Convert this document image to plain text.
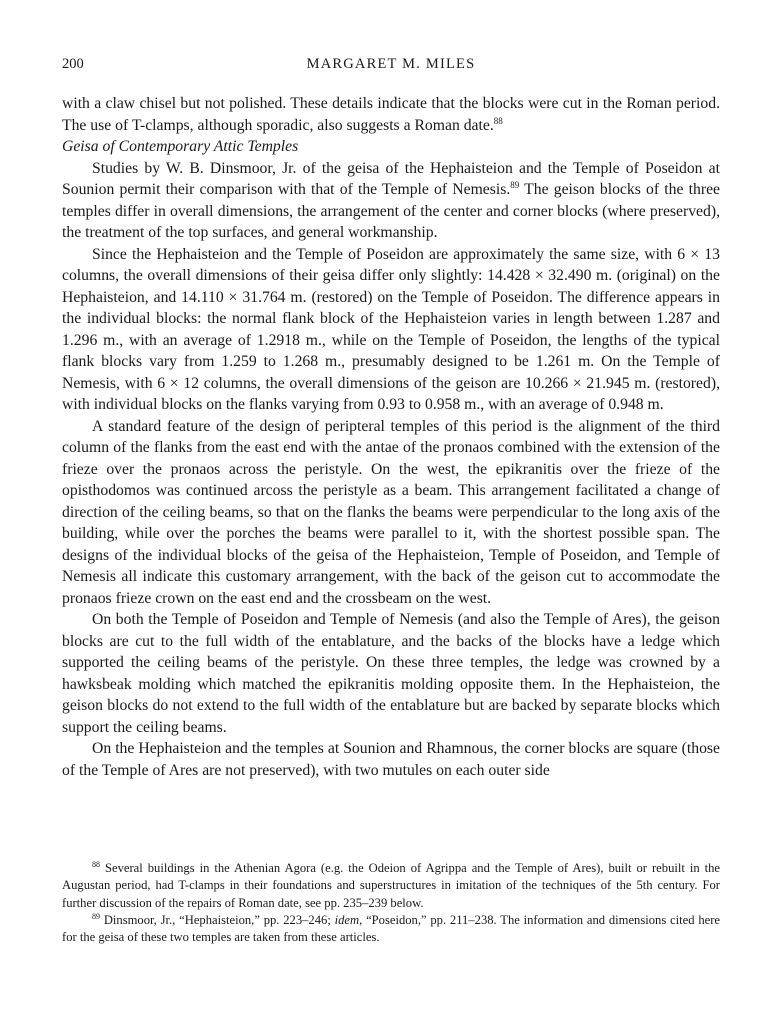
200	MARGARET M. MILES

with a claw chisel but not polished. These details indicate that the blocks were cut in the Roman period. The use of T-clamps, although sporadic, also suggests a Roman date.$^{88}$

Geisa of Contemporary Attic Temples

Studies by W. B. Dinsmoor, Jr. of the geisa of the Hephaisteion and the Temple of Poseidon at Sounion permit their comparison with that of the Temple of Nemesis.$^{89}$ The geison blocks of the three temples differ in overall dimensions, the arrangement of the center and corner blocks (where preserved), the treatment of the top surfaces, and general workmanship.

Since the Hephaisteion and the Temple of Poseidon are approximately the same size, with 6 × 13 columns, the overall dimensions of their geisa differ only slightly: 14.428 × 32.490 m. (original) on the Hephaisteion, and 14.110 × 31.764 m. (restored) on the Temple of Poseidon. The difference appears in the individual blocks: the normal flank block of the Hephaisteion varies in length between 1.287 and 1.296 m., with an average of 1.2918 m., while on the Temple of Poseidon, the lengths of the typical flank blocks vary from 1.259 to 1.268 m., presumably designed to be 1.261 m. On the Temple of Nemesis, with 6 × 12 columns, the overall dimensions of the geison are 10.266 × 21.945 m. (restored), with individual blocks on the flanks varying from 0.93 to 0.958 m., with an average of 0.948 m.

A standard feature of the design of peripteral temples of this period is the alignment of the third column of the flanks from the east end with the antae of the pronaos combined with the extension of the frieze over the pronaos across the peristyle. On the west, the epikranitis over the frieze of the opisthodomos was continued arcoss the peristyle as a beam. This arrangement facilitated a change of direction of the ceiling beams, so that on the flanks the beams were perpendicular to the long axis of the building, while over the porches the beams were parallel to it, with the shortest possible span. The designs of the individual blocks of the geisa of the Hephaisteion, Temple of Poseidon, and Temple of Nemesis all indicate this customary arrangement, with the back of the geison cut to accommodate the pronaos frieze crown on the east end and the crossbeam on the west.

On both the Temple of Poseidon and Temple of Nemesis (and also the Temple of Ares), the geison blocks are cut to the full width of the entablature, and the backs of the blocks have a ledge which supported the ceiling beams of the peristyle. On these three temples, the ledge was crowned by a hawksbeak molding which matched the epikranitis molding opposite them. In the Hephaisteion, the geison blocks do not extend to the full width of the entablature but are backed by separate blocks which support the ceiling beams.

On the Hephaisteion and the temples at Sounion and Rhamnous, the corner blocks are square (those of the Temple of Ares are not preserved), with two mutules on each outer side

$^{88}$ Several buildings in the Athenian Agora (e.g. the Odeion of Agrippa and the Temple of Ares), built or rebuilt in the Augustan period, had T-clamps in their foundations and superstructures in imitation of the techniques of the 5th century. For further discussion of the repairs of Roman date, see pp. 235–239 below.

$^{89}$ Dinsmoor, Jr., “Hephaisteion,” pp. 223–246; idem, “Poseidon,” pp. 211–238. The information and dimensions cited here for the geisa of these two temples are taken from these articles.
